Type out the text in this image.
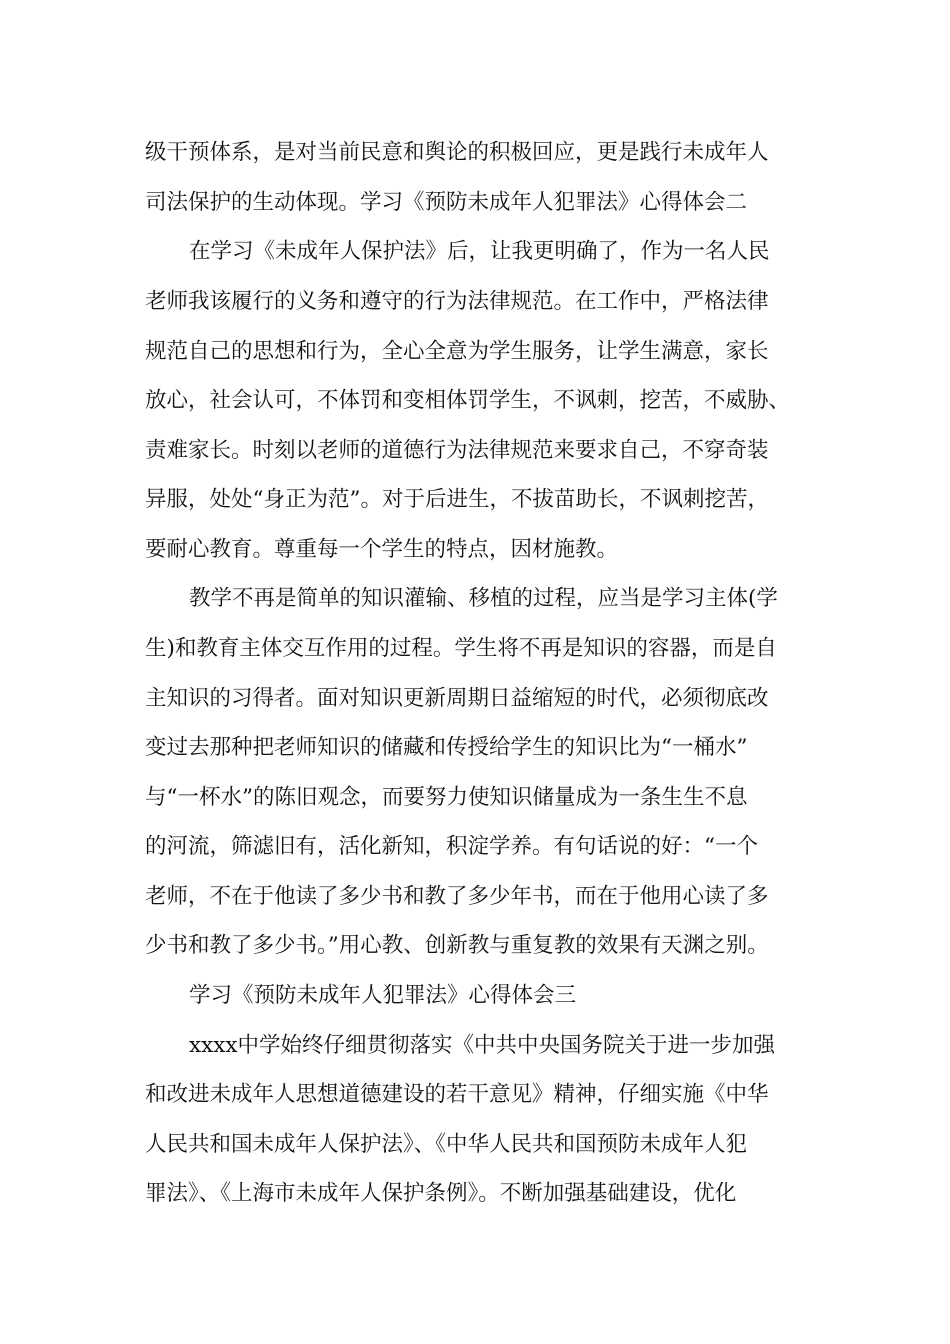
级干预体系，是对当前民意和舆论的积极回应，更是践行未成年人
司法保护的生动体现。学习《预防未成年人犯罪法》心得体会二
在学习《未成年人保护法》后，让我更明确了，作为一名人民
老师我该履行的义务和遵守的行为法律规范。在工作中，严格法律
规范自己的思想和行为，全心全意为学生服务，让学生满意，家长
放心，社会认可，不体罚和变相体罚学生，不讽刺，挖苦，不威胁、
责难家长。时刻以老师的道德行为法律规范来要求自己，不穿奇装
异服，处处“身正为范”。对于后进生，不拔苗助长，不讽刺挖苦，
要耐心教育。尊重每一个学生的特点，因材施教。
教学不再是简单的知识灌输、移植的过程，应当是学习主体(学
生)和教育主体交互作用的过程。学生将不再是知识的容器，而是自
主知识的习得者。面对知识更新周期日益缩短的时代，必须彻底改
变过去那种把老师知识的储藏和传授给学生的知识比为“一桶水”
与“一杯水”的陈旧观念，而要努力使知识储量成为一条生生不息
的河流，筛滤旧有，活化新知，积淀学养。有句话说的好：“一个
老师，不在于他读了多少书和教了多少年书，而在于他用心读了多
少书和教了多少书。”用心教、创新教与重复教的效果有天渊之别。
学习《预防未成年人犯罪法》心得体会三
xxxx中学始终仔细贯彻落实《中共中央国务院关于进一步加强
和改进未成年人思想道德建设的若干意见》精神，仔细实施《中华
人民共和国未成年人保护法》、《中华人民共和国预防未成年人犯
罪法》、《上海市未成年人保护条例》。不断加强基础建设，优化
